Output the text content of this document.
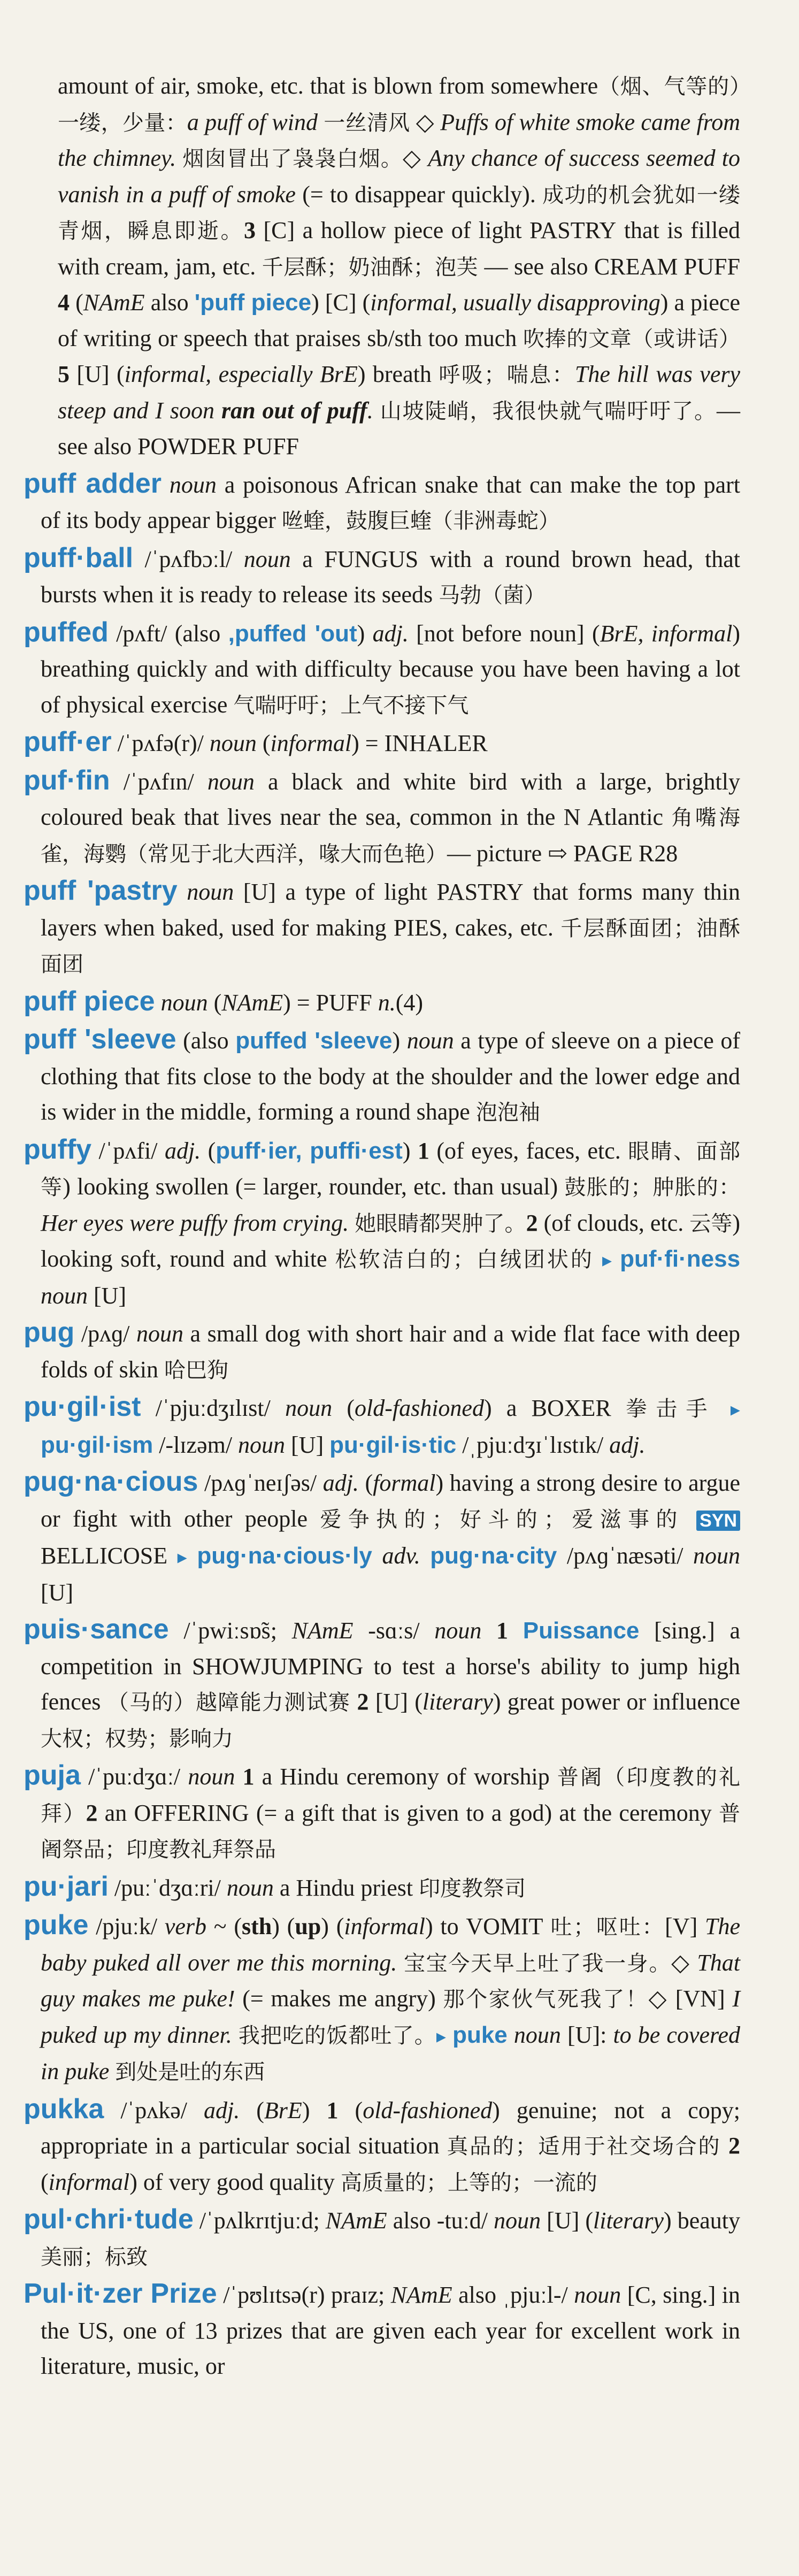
amount of air, smoke, etc. that is blown from somewhere（烟、气等的）一缕，少量：a puff of wind 一丝清风 ◇ Puffs of white smoke came from the chimney. 烟囱冒出了袅袅白烟。◇ Any chance of success seemed to vanish in a puff of smoke (= to disappear quickly). 成功的机会犹如一缕青烟，瞬息即逝。3 [C] a hollow piece of light PASTRY that is filled with cream, jam, etc. 千层酥；奶油酥；泡芙 — see also CREAM PUFF 4 (NAmE also 'puff piece) [C] (informal, usually disapproving) a piece of writing or speech that praises sb/sth too much 吹捧的文章（或讲话）5 [U] (informal, especially BrE) breath 呼吸；喘息：The hill was very steep and I soon ran out of puff. 山坡陡峭，我很快就气喘吁吁了。— see also POWDER PUFF

puff adder noun a poisonous African snake that can make the top part of its body appear bigger 咝蝰，鼓腹巨蝰（非洲毒蛇）

puff·ball /ˈpʌfbɔːl/ noun a FUNGUS with a round brown head, that bursts when it is ready to release its seeds 马勃（菌）

puffed /pʌft/ (also ,puffed 'out) adj. [not before noun] (BrE, informal) breathing quickly and with difficulty because you have been having a lot of physical exercise 气喘吁吁；上气不接下气

puff·er /ˈpʌfə(r)/ noun (informal) = INHALER

puf·fin /ˈpʌfɪn/ noun a black and white bird with a large, brightly coloured beak that lives near the sea, common in the N Atlantic 角嘴海雀，海鹦（常见于北大西洋，喙大而色艳）— picture ⇨ PAGE R28

puff 'pastry noun [U] a type of light PASTRY that forms many thin layers when baked, used for making PIES, cakes, etc. 千层酥面团；油酥面团

puff piece noun (NAmE) = PUFF n.(4)

puff 'sleeve (also puffed 'sleeve) noun a type of sleeve on a piece of clothing that fits close to the body at the shoulder and the lower edge and is wider in the middle, forming a round shape 泡泡袖

puffy /ˈpʌfi/ adj. (puff·ier, puffi·est) 1 (of eyes, faces, etc. 眼睛、面部等) looking swollen (= larger, rounder, etc. than usual) 鼓胀的；肿胀的：Her eyes were puffy from crying. 她眼睛都哭肿了。2 (of clouds, etc. 云等) looking soft, round and white 松软洁白的；白绒团状的 ▸ puf·fi·ness noun [U]

pug /pʌɡ/ noun a small dog with short hair and a wide flat face with deep folds of skin 哈巴狗

pu·gil·ist /ˈpjuːdʒɪlɪst/ noun (old-fashioned) a BOXER 拳击手 ▸ pu·gil·ism /-lɪzəm/ noun [U] pu·gil·is·tic /ˌpjuːdʒɪˈlɪstɪk/ adj.

pug·na·cious /pʌɡˈneɪʃəs/ adj. (formal) having a strong desire to argue or fight with other people 爱争执的；好斗的；爱滋事的 SYN BELLICOSE ▸ pug·na·cious·ly adv. pug·na·city /pʌɡˈnæsəti/ noun [U]

puis·sance /ˈpwiːsɒ̃s; NAmE -sɑːs/ noun 1 Puissance [sing.] a competition in SHOWJUMPING to test a horse's ability to jump high fences （马的）越障能力测试赛 2 [U] (literary) great power or influence 大权；权势；影响力

puja /ˈpuːdʒɑː/ noun 1 a Hindu ceremony of worship 普阇（印度教的礼拜）2 an OFFERING (= a gift that is given to a god) at the ceremony 普阇祭品；印度教礼拜祭品

pu·jari /puːˈdʒɑːri/ noun a Hindu priest 印度教祭司

puke /pjuːk/ verb ~ (sth) (up) (informal) to VOMIT 吐；呕吐：[V] The baby puked all over me this morning. 宝宝今天早上吐了我一身。◇ That guy makes me puke! (= makes me angry) 那个家伙气死我了！◇ [VN] I puked up my dinner. 我把吃的饭都吐了。▸ puke noun [U]: to be covered in puke 到处是吐的东西

pukka /ˈpʌkə/ adj. (BrE) 1 (old-fashioned) genuine; not a copy; appropriate in a particular social situation 真品的；适用于社交场合的 2 (informal) of very good quality 高质量的；上等的；一流的

pul·chri·tude /ˈpʌlkrɪtjuːd; NAmE also -tuːd/ noun [U] (literary) beauty 美丽；标致

Pul·it·zer Prize /ˈpʊlɪtsə(r) praɪz; NAmE also ˌpjuːl-/ noun [C, sing.] in the US, one of 13 prizes that are given each year for excellent work in literature, music, or
